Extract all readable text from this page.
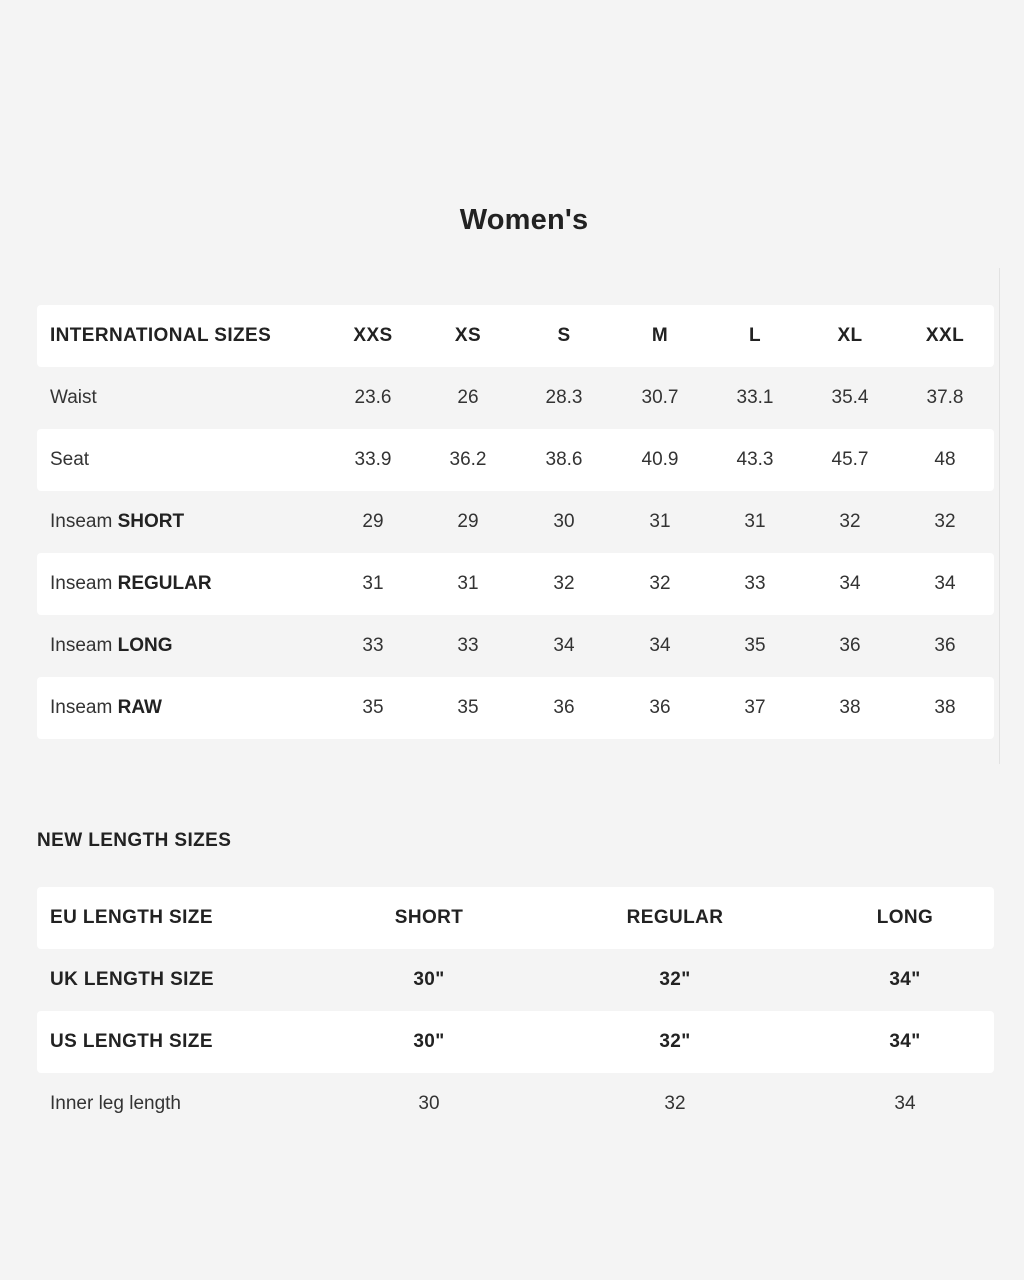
Women's
INTERNATIONAL SIZES	XXS	XS	S	M	L	XL	XXL
Waist	23.6	26	28.3	30.7	33.1	35.4	37.8
Seat	33.9	36.2	38.6	40.9	43.3	45.7	48
Inseam SHORT	29	29	30	31	31	32	32
Inseam REGULAR	31	31	32	32	33	34	34
Inseam LONG	33	33	34	34	35	36	36
Inseam RAW	35	35	36	36	37	38	38
NEW LENGTH SIZES
EU LENGTH SIZE	SHORT	REGULAR	LONG
UK LENGTH SIZE	30"	32"	34"
US LENGTH SIZE	30"	32"	34"
Inner leg length	30	32	34
